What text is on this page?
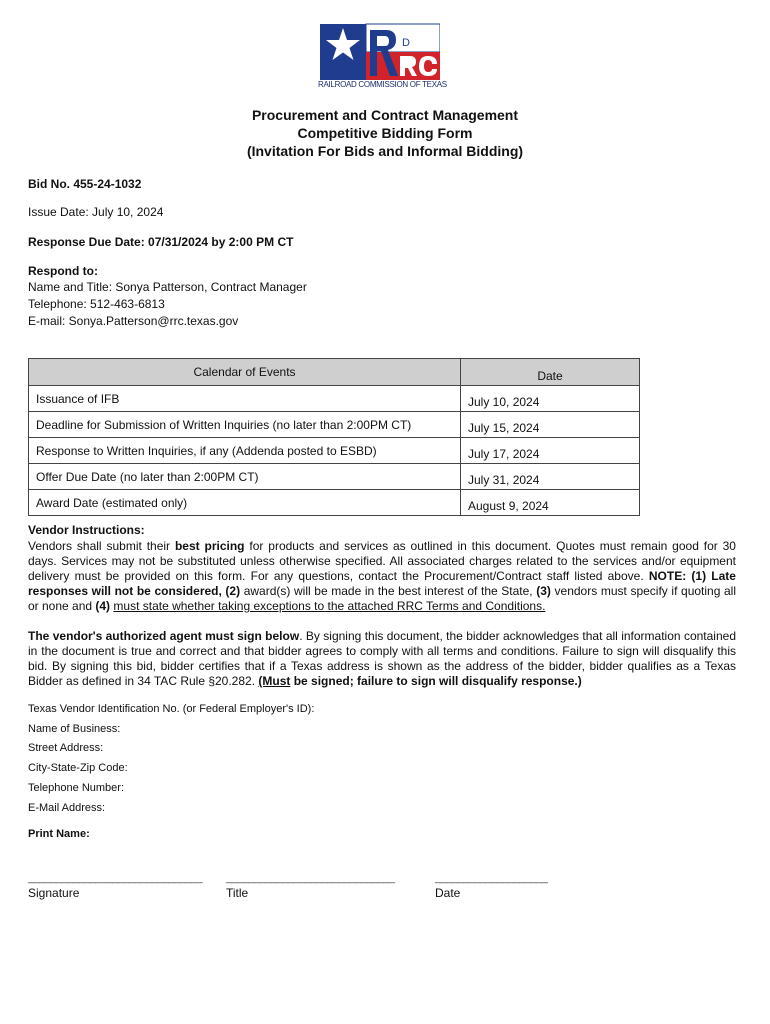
D
RAILROAD COMMISSION OF TEXAS
Procurement and Contract Management
Competitive Bidding Form
(Invitation For Bids and Informal Bidding)
Bid No. 455-24-1032
Issue Date: July 10, 2024
Response Due Date: 07/31/2024 by 2:00 PM CT
Respond to:
Name and Title: Sonya Patterson, Contract Manager
Telephone: 512-463-6813
E-mail: Sonya.Patterson@rrc.texas.gov
Calendar of Events	Date
Issuance of IFB	July 10, 2024
Deadline for Submission of Written Inquiries (no later than 2:00PM CT)	July 15, 2024
Response to Written Inquiries, if any (Addenda posted to ESBD)	July 17, 2024
Offer Due Date (no later than 2:00PM CT)	July 31, 2024
Award Date (estimated only)	August 9, 2024
Vendor Instructions:
Vendors shall submit their best pricing for products and services as outlined in this document. Quotes must remain good for 30 days. Services may not be substituted unless otherwise specified. All associated charges related to the services and/or equipment delivery must be provided on this form. For any questions, contact the Procurement/Contract staff listed above. NOTE: (1) Late responses will not be considered, (2) award(s) will be made in the best interest of the State, (3) vendors must specify if quoting all or none and (4) must state whether taking exceptions to the attached RRC Terms and Conditions.
The vendor's authorized agent must sign below. By signing this document, the bidder acknowledges that all information contained in the document is true and correct and that bidder agrees to comply with all terms and conditions. Failure to sign will disqualify this bid. By signing this bid, bidder certifies that if a Texas address is shown as the address of the bidder, bidder qualifies as a Texas Bidder as defined in 34 TAC Rule §20.282. (Must be signed; failure to sign will disqualify response.)
Texas Vendor Identification No. (or Federal Employer's ID):
Name of Business:
Street Address:
City-State-Zip Code:
Telephone Number:
E-Mail Address:
Print Name:
_______________________________ ______________________________	____________________
Signature	Title	Date
